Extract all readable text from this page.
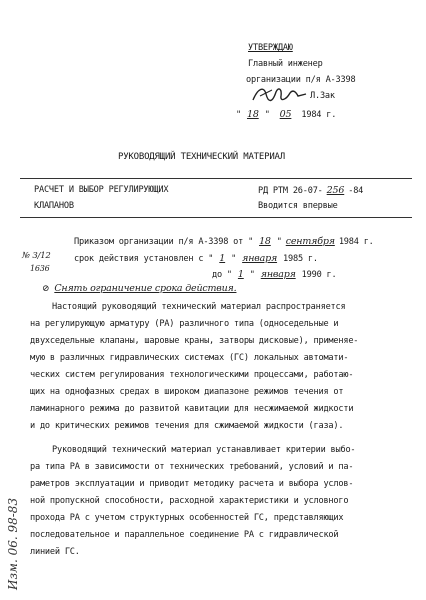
УТВЕРЖДАЮ
Главный инженер
организации п/я А-3398
Л.Зак
" 18 " 05 1984 г.
РУКОВОДЯЩИЙ ТЕХНИЧЕСКИЙ МАТЕРИАЛ
РАСЧЕТ И ВЫБОР РЕГУЛИРУЮЩИХ
КЛАПАНОВ
РД РТМ 26-07- 256 -84
Вводится впервые
Приказом организации п/я А-3398 от " 18 " сентября 1984 г.
№ 3/12
1636
срок действия установлен с " 1 " января 1985 г.
до " 1 " января 1990 г.
⊘ Снять ограничение срока действия.
Настоящий руководящий технический материал распространяется
на регулирующую арматуру (РА) различного типа (односедельные и
двухседельные клапаны, шаровые краны, затворы дисковые), применяе-
мую в различных гидравлических системах (ГС) локальных автомати-
ческих систем регулирования технологическими процессами, работаю-
щих на однофазных средах в широком диапазоне режимов течения от
ламинарного режима до развитой кавитации для несжимаемой жидкости
и до критических режимов течения для сжимаемой жидкости (газа).
Руководящий технический материал устанавливает критерии выбо-
ра типа РА в зависимости от технических требований, условий и па-
раметров эксплуатации и приводит методику расчета и выбора услов-
ной пропускной способности, расходной характеристики и условного
прохода РА с учетом структурных особенностей ГС, представляющих
последовательное и параллельное соединение РА с гидравлической
линией ГС.
Изм. 06. 98-83
